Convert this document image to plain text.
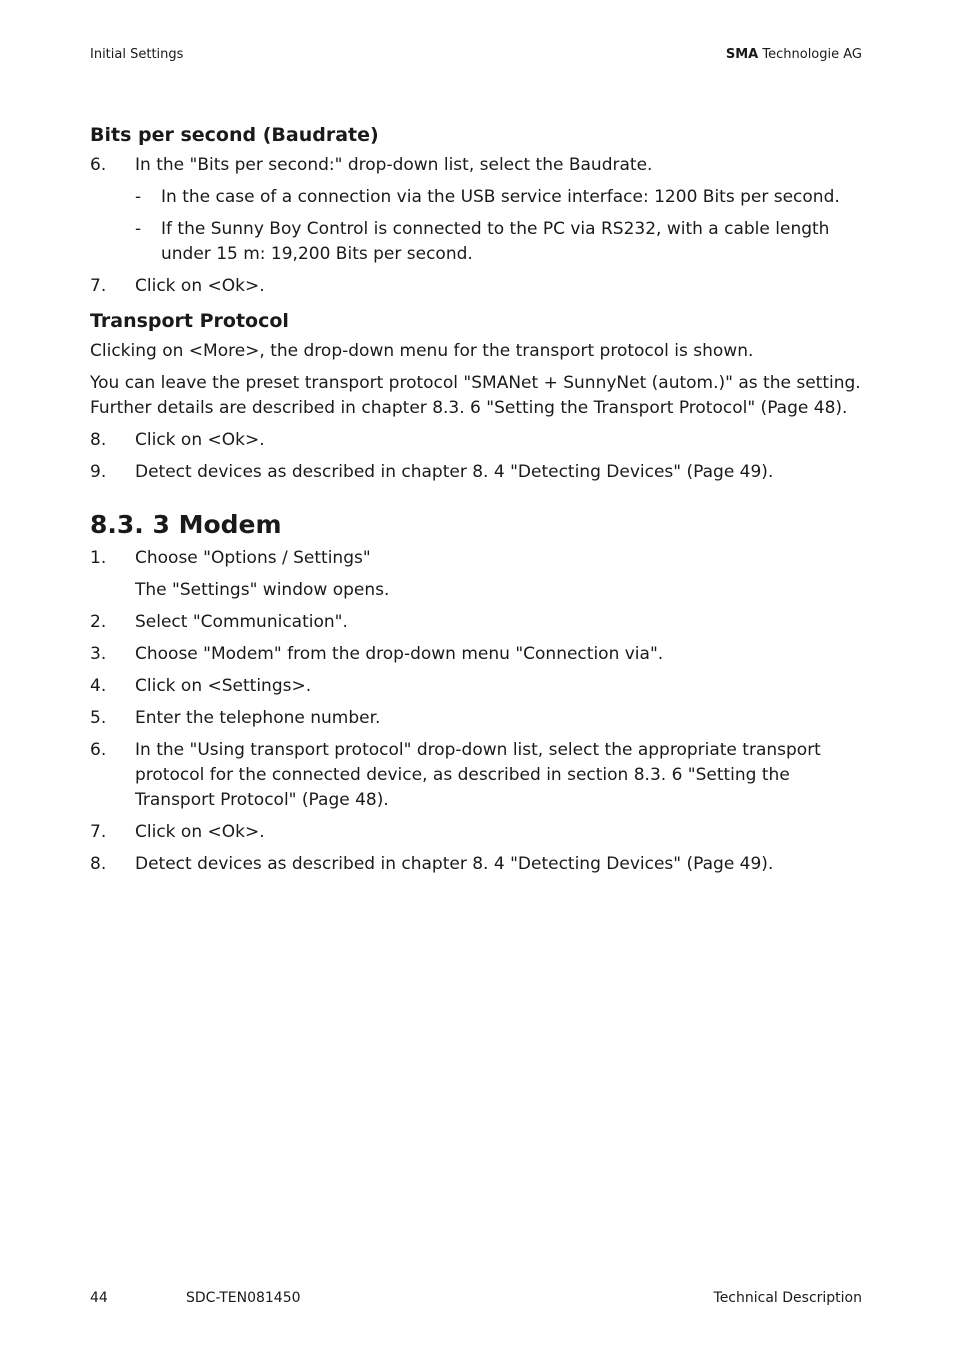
Initial Settings	SMA Technologie AG
Bits per second (Baudrate)
6. In the "Bits per second:" drop-down list, select the Baudrate.
- In the case of a connection via the USB service interface: 1200 Bits per second.
- If the Sunny Boy Control is connected to the PC via RS232, with a cable length under 15 m: 19,200 Bits per second.
7. Click on <Ok>.
Transport Protocol
Clicking on <More>, the drop-down menu for the transport protocol is shown.
You can leave the preset transport protocol "SMANet + SunnyNet (autom.)" as the setting. Further details are described in chapter 8.3. 6 "Setting the Transport Protocol" (Page 48).
8. Click on <Ok>.
9. Detect devices as described in chapter 8. 4 "Detecting Devices" (Page 49).
8.3. 3 Modem
1. Choose "Options / Settings"
The "Settings" window opens.
2. Select "Communication".
3. Choose "Modem" from the drop-down menu "Connection via".
4. Click on <Settings>.
5. Enter the telephone number.
6. In the "Using transport protocol" drop-down list, select the appropriate transport protocol for the connected device, as described in section 8.3. 6 "Setting the Transport Protocol" (Page 48).
7. Click on <Ok>.
8. Detect devices as described in chapter 8. 4 "Detecting Devices" (Page 49).
44	SDC-TEN081450	Technical Description
